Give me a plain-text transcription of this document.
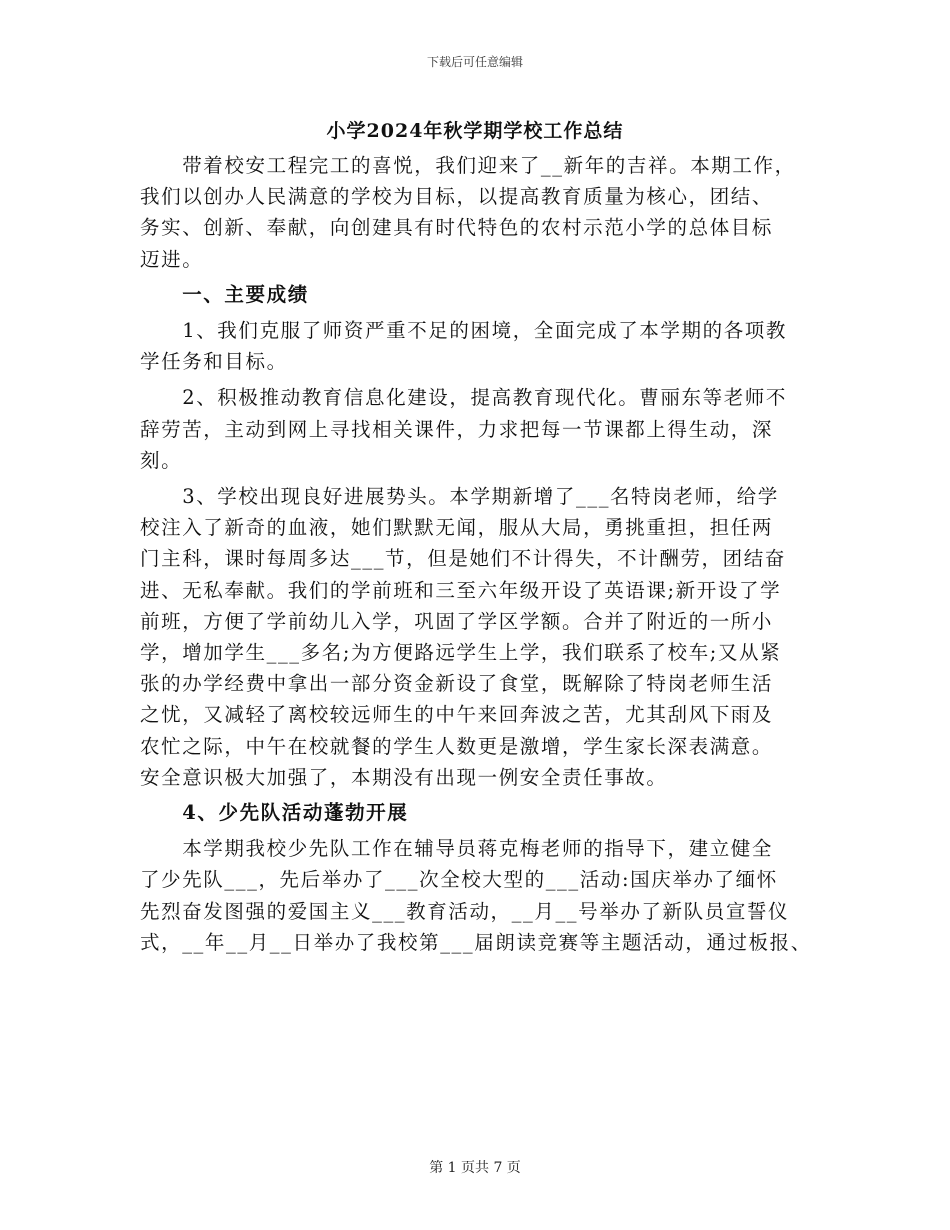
下载后可任意编辑
小学2024年秋学期学校工作总结
　　带着校安工程完工的喜悦，我们迎来了__新年的吉祥。本期工作，
我们以创办人民满意的学校为目标，以提高教育质量为核心，团结、
务实、创新、奉献，向创建具有时代特色的农村示范小学的总体目标
迈进。
　　一、主要成绩
　　1、我们克服了师资严重不足的困境，全面完成了本学期的各项教
学任务和目标。
　　2、积极推动教育信息化建设，提高教育现代化。曹丽东等老师不
辞劳苦，主动到网上寻找相关课件，力求把每一节课都上得生动，深
刻。
　　3、学校出现良好进展势头。本学期新增了___名特岗老师，给学
校注入了新奇的血液，她们默默无闻，服从大局，勇挑重担，担任两
门主科，课时每周多达___节，但是她们不计得失，不计酬劳，团结奋
进、无私奉献。我们的学前班和三至六年级开设了英语课;新开设了学
前班，方便了学前幼儿入学，巩固了学区学额。合并了附近的一所小
学，增加学生___多名;为方便路远学生上学，我们联系了校车;又从紧
张的办学经费中拿出一部分资金新设了食堂，既解除了特岗老师生活
之忧，又减轻了离校较远师生的中午来回奔波之苦，尤其刮风下雨及
农忙之际，中午在校就餐的学生人数更是激增，学生家长深表满意。
安全意识极大加强了，本期没有出现一例安全责任事故。
　　4、少先队活动蓬勃开展
　　本学期我校少先队工作在辅导员蒋克梅老师的指导下，建立健全
了少先队___，先后举办了___次全校大型的___活动:国庆举办了缅怀
先烈奋发图强的爱国主义___教育活动，__月__号举办了新队员宣誓仪
式，__年__月__日举办了我校第___届朗读竞赛等主题活动，通过板报、
第 1 页共 7 页
